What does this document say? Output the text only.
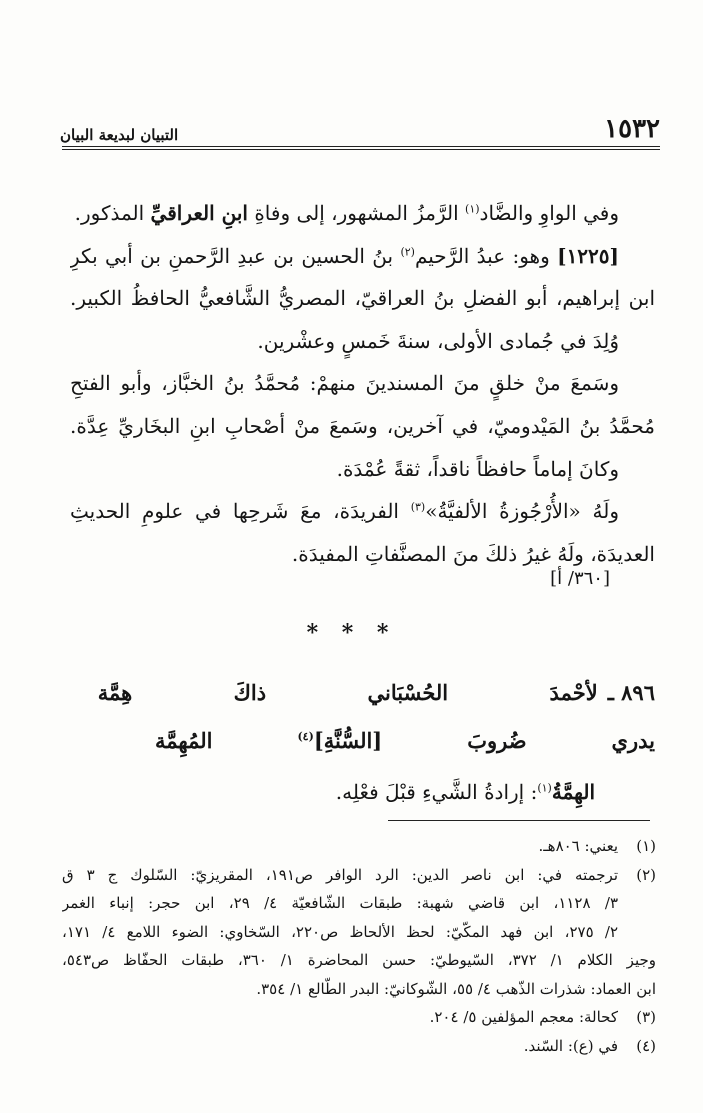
١٥٣٢
التبيان لبديعة البيان
وفي الواوِ والضَّاد$^{(١)}$ الرَّمزُ المشهور، إلى وفاةِ ابنِ العراقيِّ المذكور.
[١٢٢٥] وهو: عبدُ الرَّحيم$^{(٢)}$ بنُ الحسين بن عبدِ الرَّحمنِ بن أبي بكرِ
ابن إبراهيم، أبو الفضلِ بنُ العراقيّ، المصريُّ الشَّافعيُّ الحافظُ الكبير.
وُلِدَ في جُمادى الأولى، سنةَ خَمسٍ وعشْرين.
وسَمعَ منْ خلقٍ منَ المسندينَ منهمْ: مُحمَّدُ بنُ الخبَّاز، وأبو الفتحِ
مُحمَّدُ بنُ المَيْدوميّ، في آخرين، وسَمعَ منْ أصْحابِ ابنِ البخَاريِّ عِدَّة.
وكانَ إماماً حافظاً ناقداً، ثقةً عُمْدَة.
ولَهُ «الأُرْجُوزةُ الألفيَّةُ»$^{(٣)}$ الفريدَة، معَ شَرحِها في علومِ الحديثِ
العديدَة، ولَهُ غيرُ ذلكَ منَ المصنَّفاتِ المفيدَة.
[٣٦٠/ أ]
* * *
٨٩٦ ـلأحْمدَ الحُسْبَاني ذاكَ هِمَّة
يدري ضُروبَ [السُّنَّةِ]$^{(٤)}$ المُهِمَّة
الهِمَّةُ$^{(١)}$: إرادةُ الشَّيءِ قبْلَ فعْلِه.
(١)يعني: ٨٠٦هـ.
(٢)ترجمته في: ابن ناصر الدين: الرد الوافر ص١٩١، المقريزيّ: السّلوك ج ٣ ق
٣/ ١١٢٨، ابن قاضي شهبة: طبقات الشّافعيّة ٤/ ٢٩، ابن حجر: إنباء الغمر
٢/ ٢٧٥، ابن فهد المكّيّ: لحظ الألحاظ ص٢٢٠، السّخاوي: الضوء اللامع ٤/ ١٧١،
وجيز الكلام ١/ ٣٧٢، السّيوطيّ: حسن المحاضرة ١/ ٣٦٠، طبقات الحفّاظ ص٥٤٣،
ابن العماد: شذرات الذّهب ٤/ ٥٥، الشّوكانيّ: البدر الطّالع ١/ ٣٥٤.
(٣)كحالة: معجم المؤلفين ٥/ ٢٠٤.
(٤)في (ع): السّند.
